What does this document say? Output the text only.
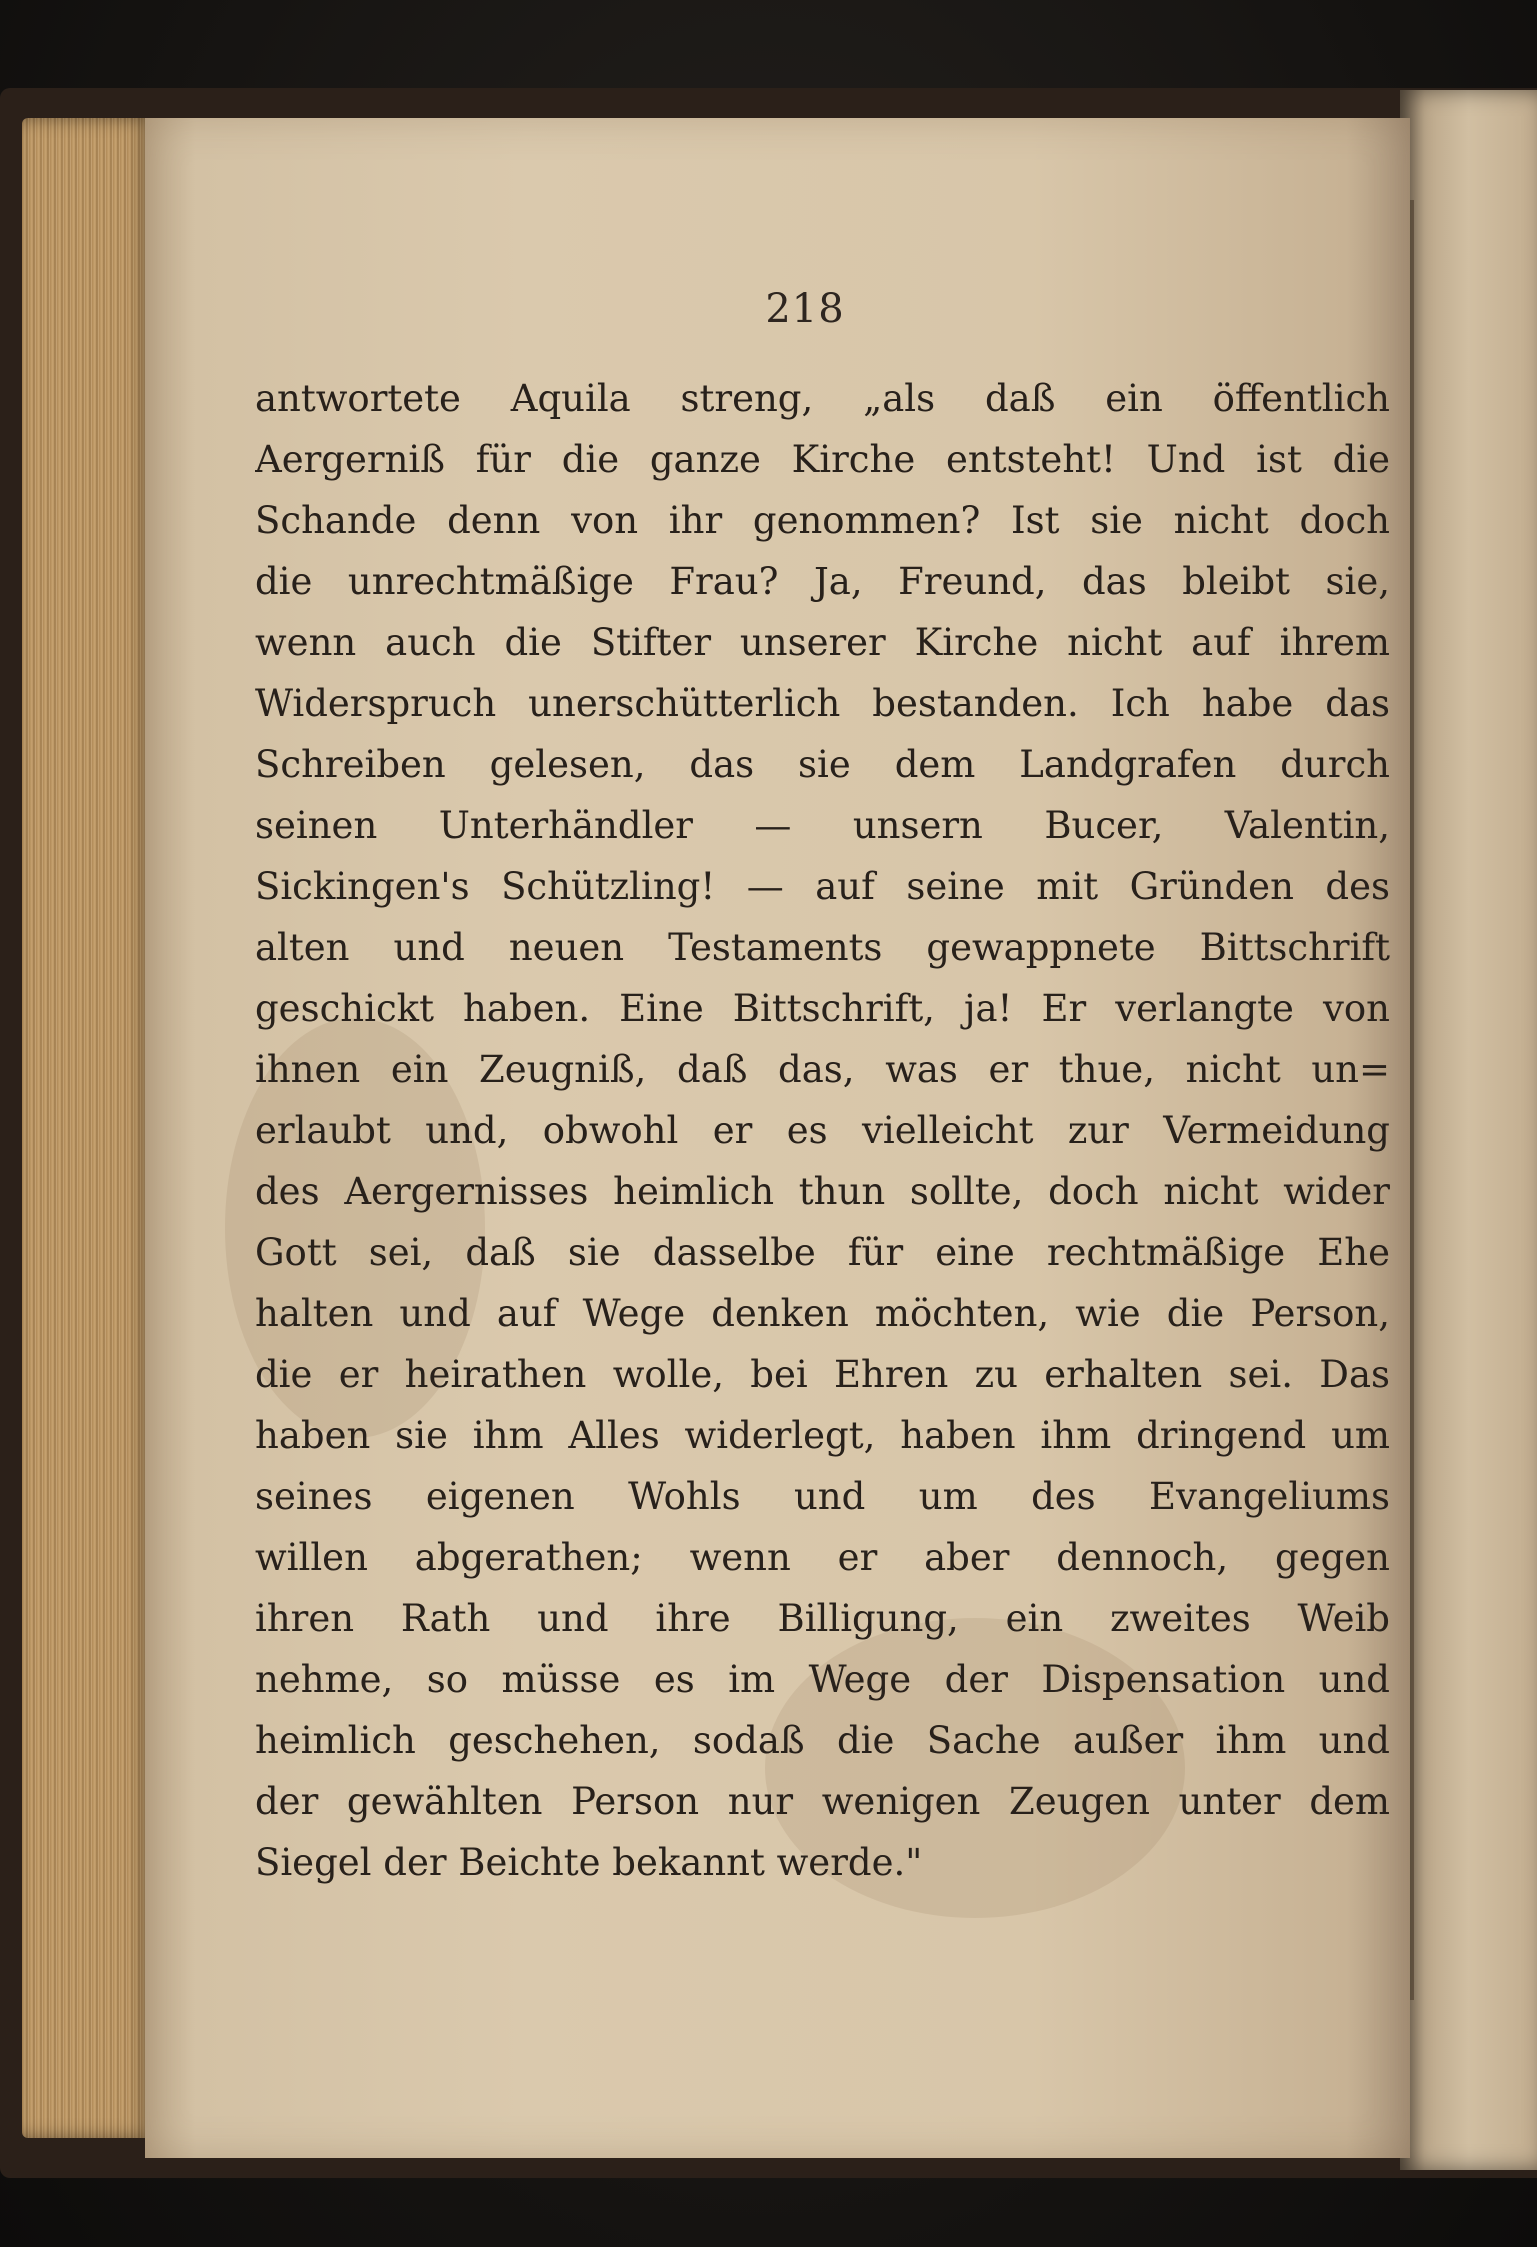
218
antwortete Aquila streng, „als daß ein öffentlich
Aergerniß für die ganze Kirche entsteht! Und ist die
Schande denn von ihr genommen? Ist sie nicht doch
die unrechtmäßige Frau? Ja, Freund, das bleibt sie,
wenn auch die Stifter unserer Kirche nicht auf ihrem
Widerspruch unerschütterlich bestanden. Ich habe das
Schreiben gelesen, das sie dem Landgrafen durch
seinen Unterhändler — unsern Bucer, Valentin,
Sickingen's Schützling! — auf seine mit Gründen des
alten und neuen Testaments gewappnete Bittschrift
geschickt haben. Eine Bittschrift, ja! Er verlangte von
ihnen ein Zeugniß, daß das, was er thue, nicht un=
erlaubt und, obwohl er es vielleicht zur Vermeidung
des Aergernisses heimlich thun sollte, doch nicht wider
Gott sei, daß sie dasselbe für eine rechtmäßige Ehe
halten und auf Wege denken möchten, wie die Person,
die er heirathen wolle, bei Ehren zu erhalten sei. Das
haben sie ihm Alles widerlegt, haben ihm dringend um
seines eigenen Wohls und um des Evangeliums
willen abgerathen; wenn er aber dennoch, gegen
ihren Rath und ihre Billigung, ein zweites Weib
nehme, so müsse es im Wege der Dispensation und
heimlich geschehen, sodaß die Sache außer ihm und
der gewählten Person nur wenigen Zeugen unter dem
Siegel der Beichte bekannt werde."
